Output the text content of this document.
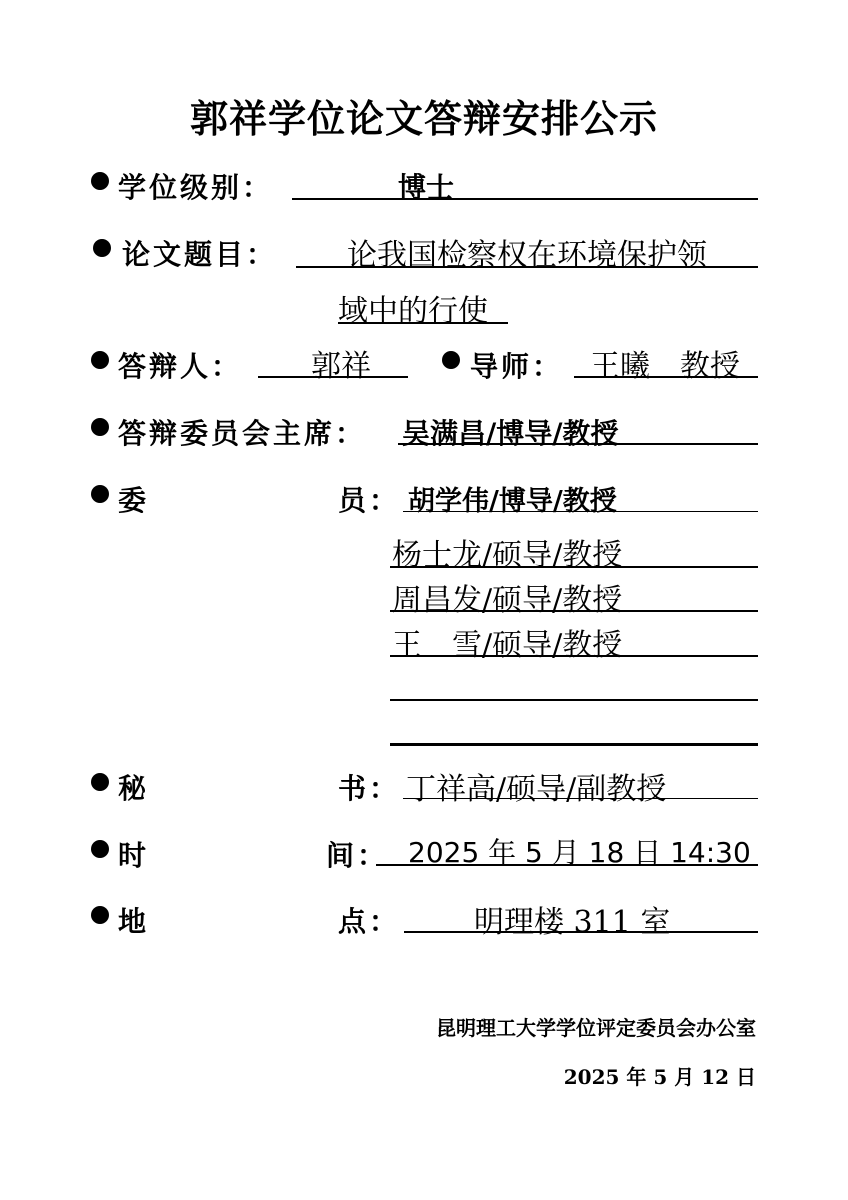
郭祥学位论文答辩安排公示
学位级别：	博士
论文题目： 论我国检察权在环境保护领
域中的行使
答辩人： 郭祥	导师： 王曦　教授
答辩委员会主席： 吴满昌/博导/教授
委	员： 胡学伟/博导/教授
杨士龙/硕导/教授
周昌发/硕导/教授
王　雪/硕导/教授
秘	书： 丁祥高/硕导/副教授
时	间： 2025 年 5 月 18 日 14:30
地	点： 明理楼 311 室
昆明理工大学学位评定委员会办公室
2025 年 5 月 12 日
